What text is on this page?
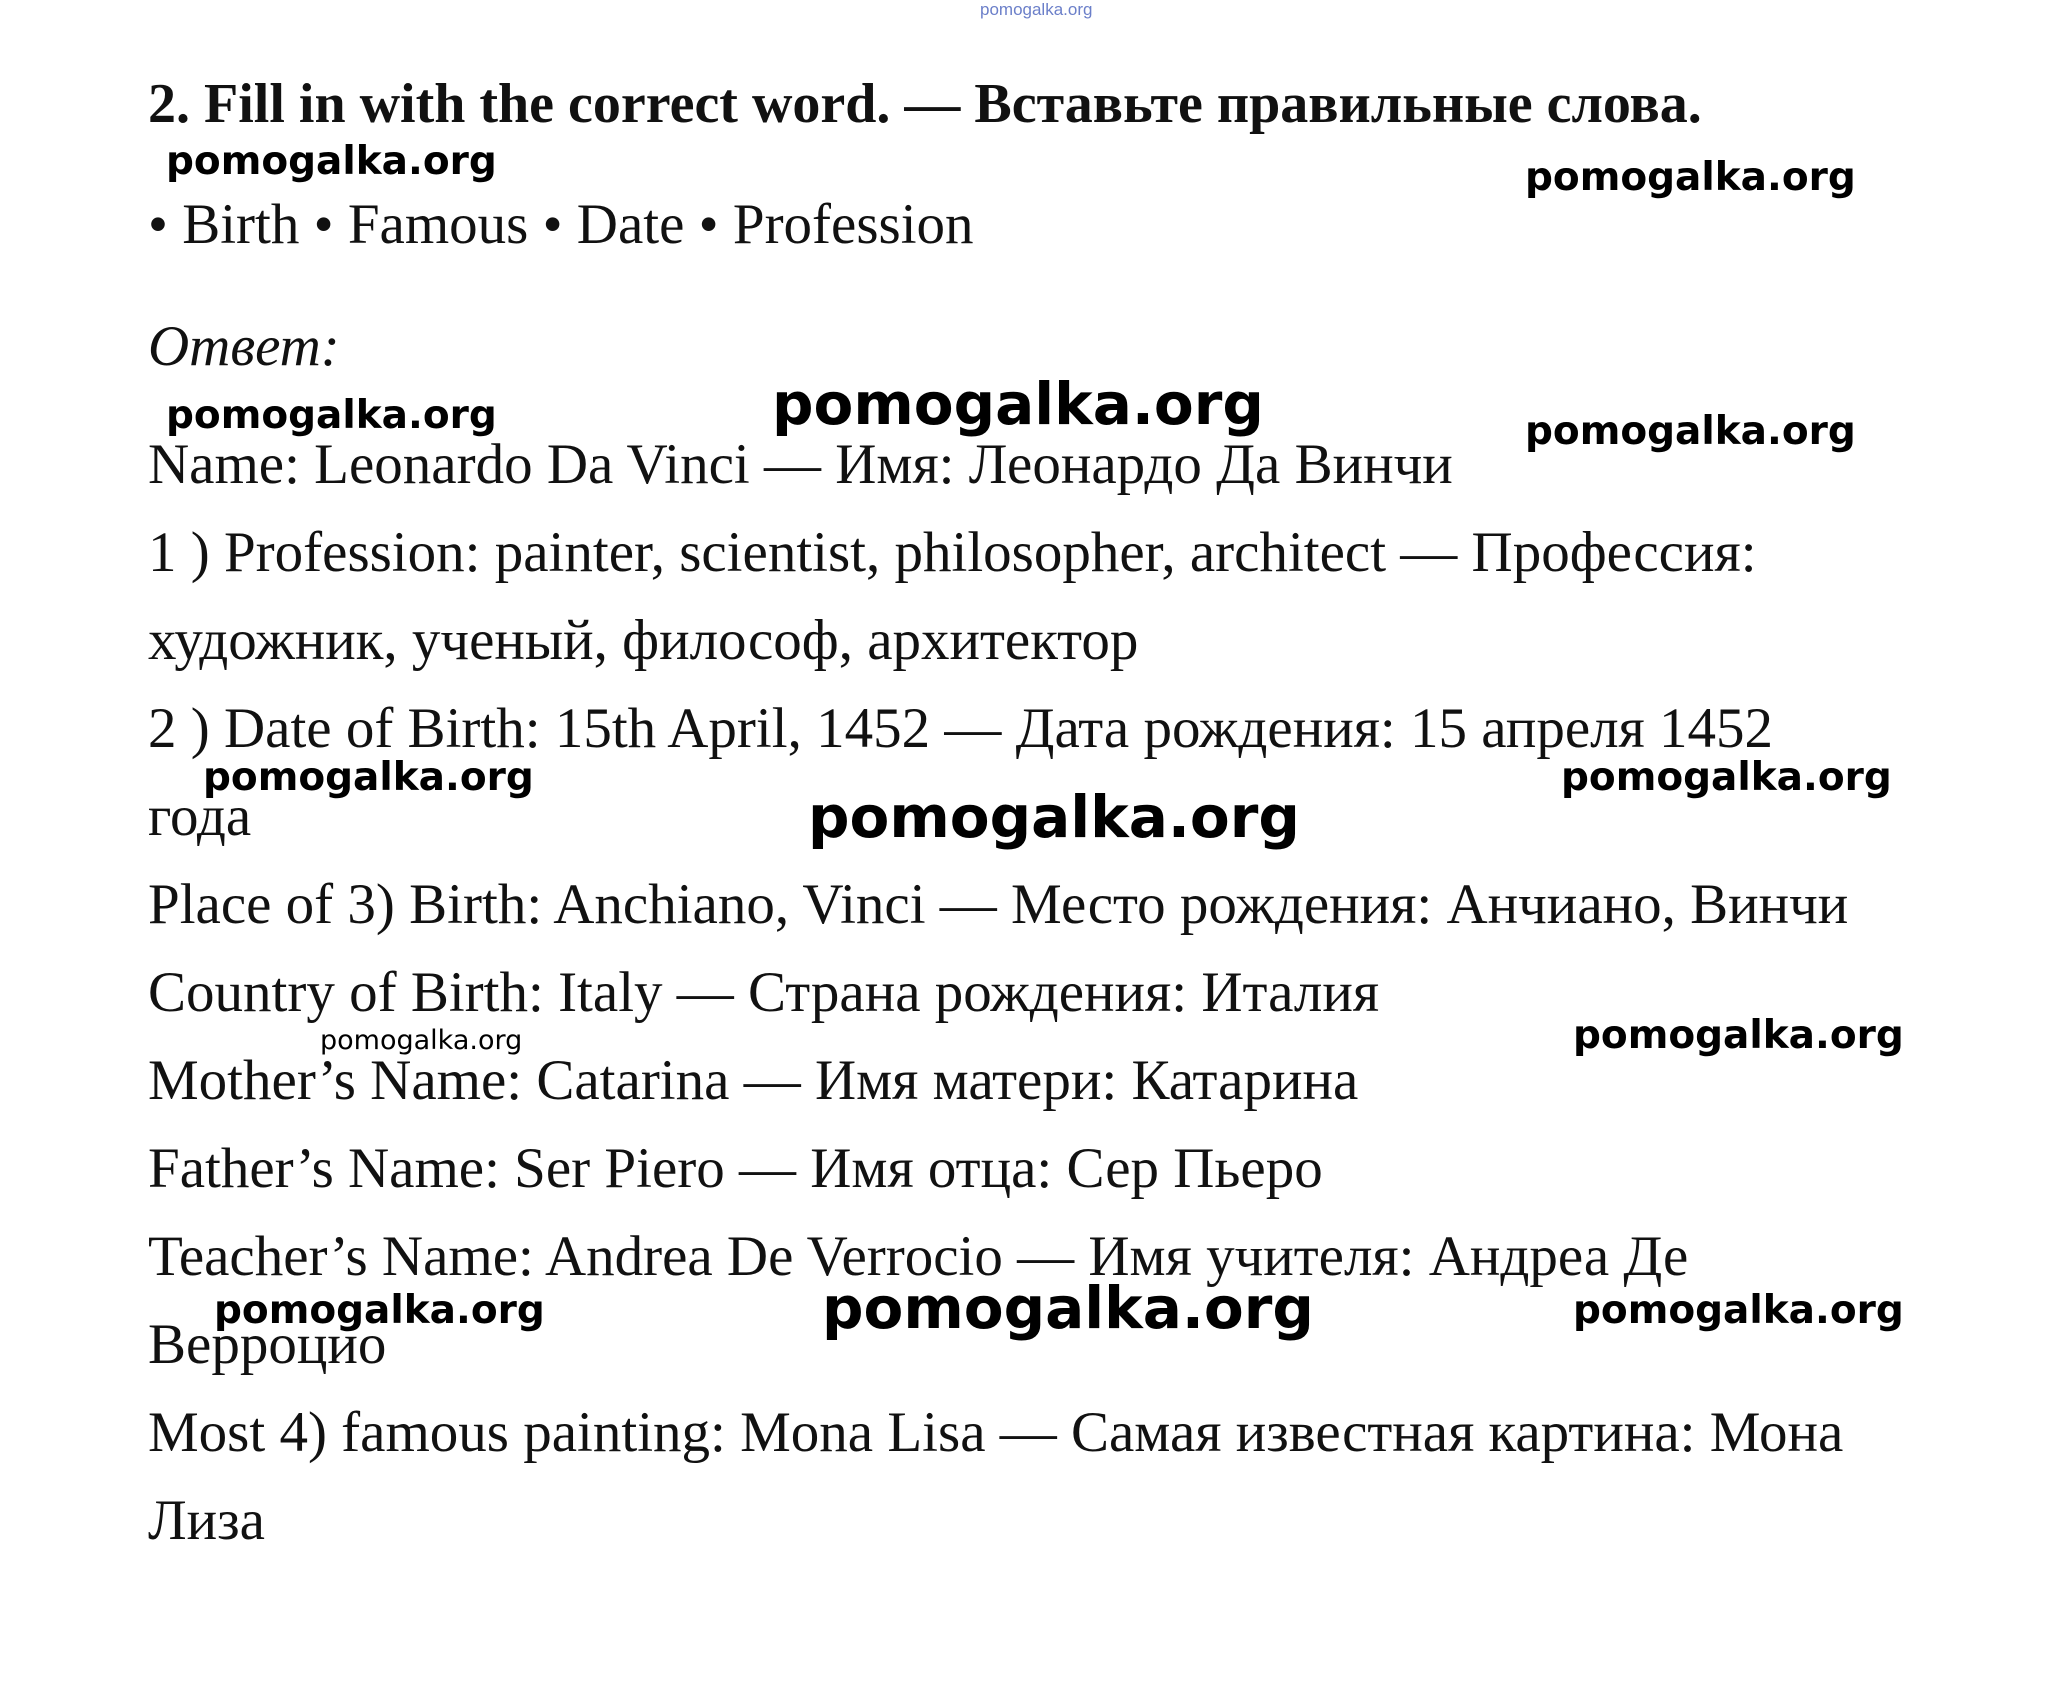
pomogalka.org
2. Fill in with the correct word. — Вставьте правильные слова.
• Birth • Famous • Date • Profession
Ответ:
Name: Leonardo Da Vinci — Имя: Леонардо Да Винчи
1 ) Profession: painter, scientist, philosopher, architect — Профессия:
художник, ученый, философ, архитектор
2 ) Date of Birth: 15th April, 1452 — Дата рождения: 15 апреля 1452
года
Place of 3) Birth: Anchiano, Vinci — Место рождения: Анчиано, Винчи
Country of Birth: Italy — Страна рождения: Италия
Mother’s Name: Catarina — Имя матери: Катарина
Father’s Name: Ser Piero — Имя отца: Сер Пьеро
Teacher’s Name: Andrea De Verrocio — Имя учителя: Андреа Де
Верроцио
Most 4) famous painting: Mona Lisa — Самая известная картина: Мона
Лиза
pomogalka.org	pomogalka.org
pomogalka.org	pomogalka.org	pomogalka.org
pomogalka.org	pomogalka.org
pomogalka.org
pomogalka.org	pomogalka.org
pomogalka.org	pomogalka.org	pomogalka.org
